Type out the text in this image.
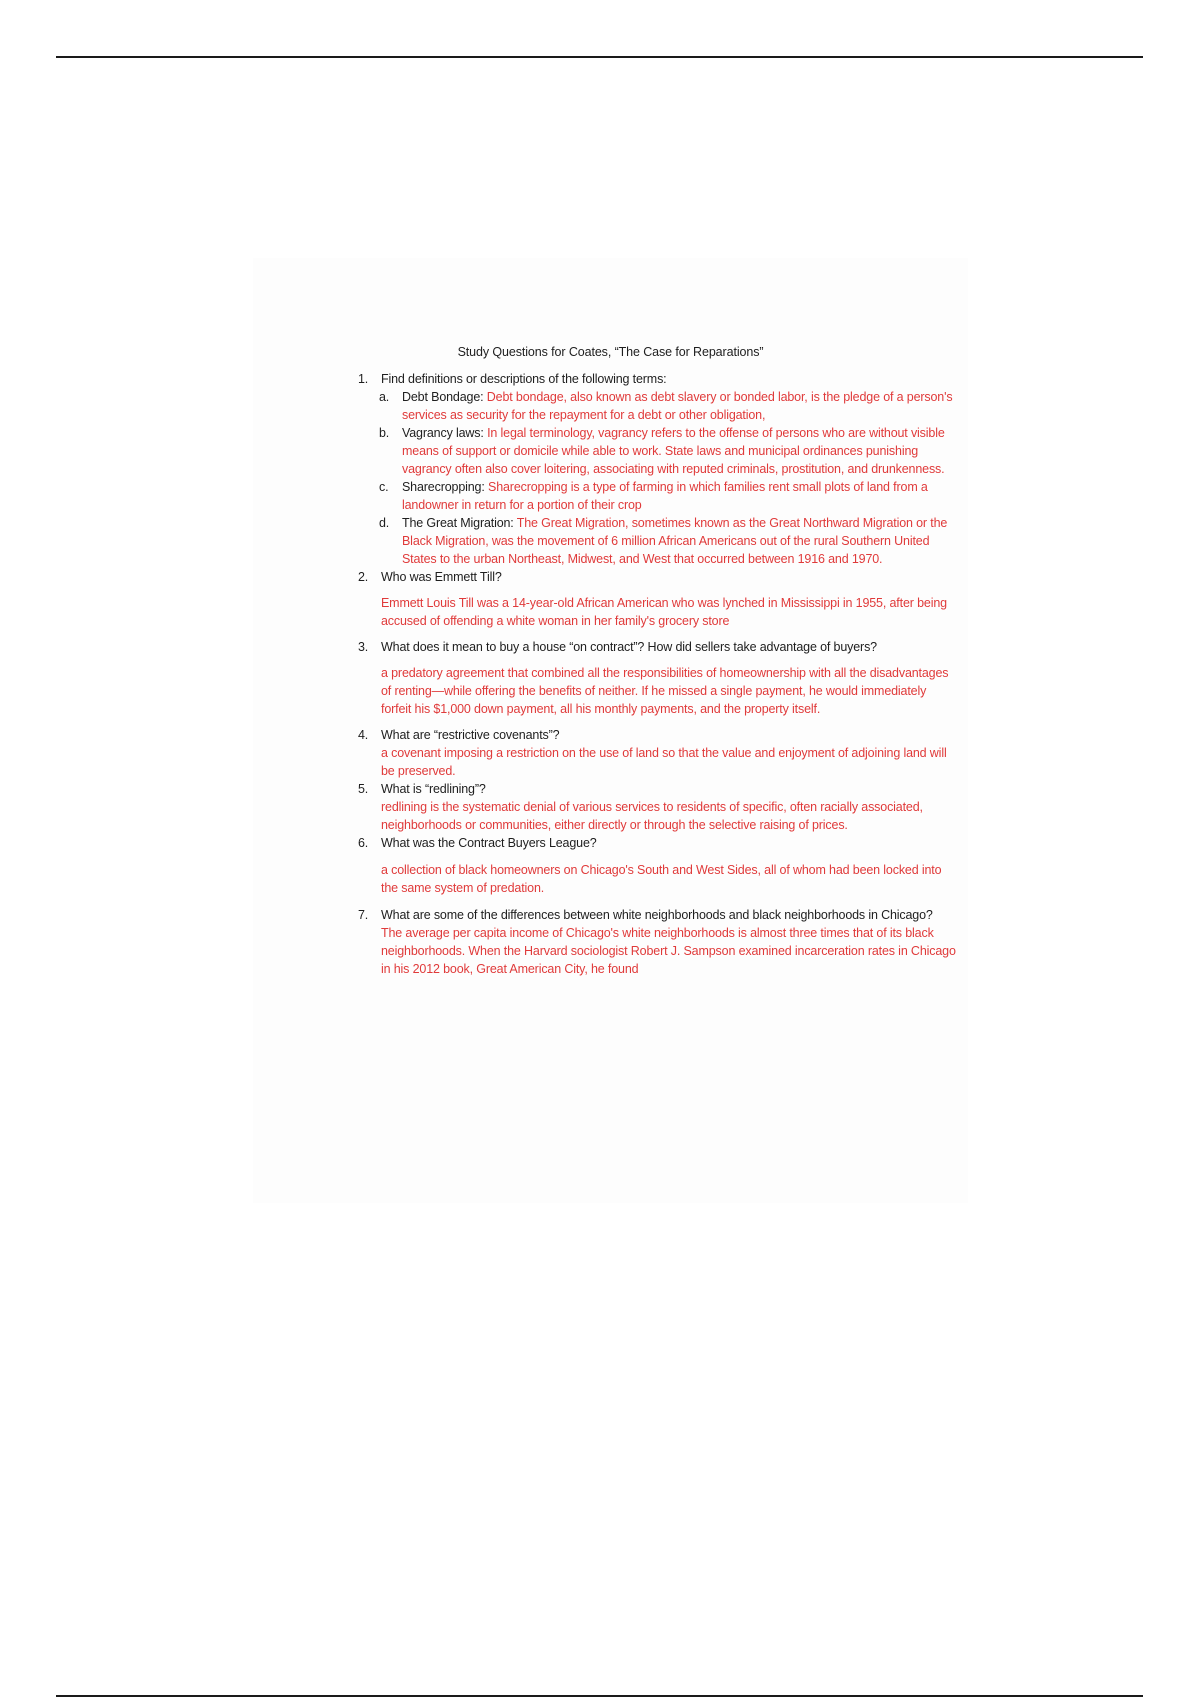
Study Questions for Coates, “The Case for Reparations”
1. Find definitions or descriptions of the following terms:
a. Debt Bondage: Debt bondage, also known as debt slavery or bonded labor, is the pledge of a person's services as security for the repayment for a debt or other obligation,
b. Vagrancy laws: In legal terminology, vagrancy refers to the offense of persons who are without visible means of support or domicile while able to work. State laws and municipal ordinances punishing vagrancy often also cover loitering, associating with reputed criminals, prostitution, and drunkenness.
c. Sharecropping: Sharecropping is a type of farming in which families rent small plots of land from a landowner in return for a portion of their crop
d. The Great Migration: The Great Migration, sometimes known as the Great Northward Migration or the Black Migration, was the movement of 6 million African Americans out of the rural Southern United States to the urban Northeast, Midwest, and West that occurred between 1916 and 1970.
2. Who was Emmett Till?
Emmett Louis Till was a 14-year-old African American who was lynched in Mississippi in 1955, after being accused of offending a white woman in her family's grocery store
3. What does it mean to buy a house “on contract”? How did sellers take advantage of buyers?
a predatory agreement that combined all the responsibilities of homeownership with all the disadvantages of renting—while offering the benefits of neither. If he missed a single payment, he would immediately forfeit his $1,000 down payment, all his monthly payments, and the property itself.
4. What are “restrictive covenants”?
a covenant imposing a restriction on the use of land so that the value and enjoyment of adjoining land will be preserved.
5. What is “redlining”?
redlining is the systematic denial of various services to residents of specific, often racially associated, neighborhoods or communities, either directly or through the selective raising of prices.
6. What was the Contract Buyers League?
a collection of black homeowners on Chicago's South and West Sides, all of whom had been locked into the same system of predation.
7. What are some of the differences between white neighborhoods and black neighborhoods in Chicago?
The average per capita income of Chicago's white neighborhoods is almost three times that of its black neighborhoods. When the Harvard sociologist Robert J. Sampson examined incarceration rates in Chicago in his 2012 book, Great American City, he found
